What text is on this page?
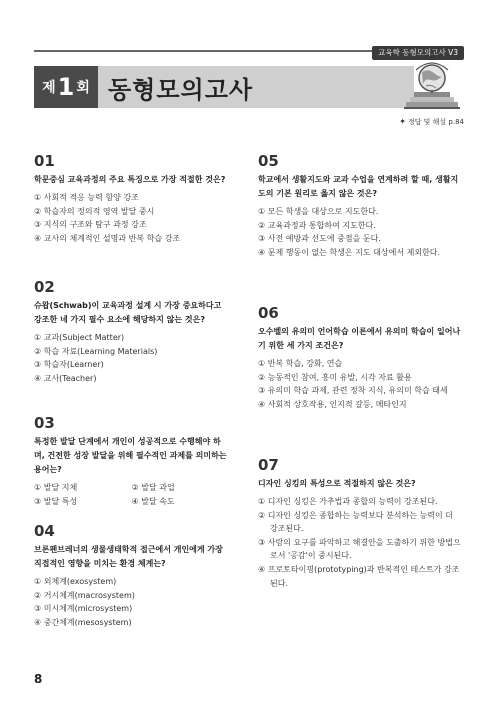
교육학 동형모의고사 V3
제 1 회 동형모의고사
✦ 정답 및 해설 p.84
01
학문중심 교육과정의 주요 특징으로 가장 적절한 것은?
① 사회적 적응 능력 함양 강조
② 학습자의 정의적 영역 발달 중시
③ 지식의 구조와 탐구 과정 강조
④ 교사의 체계적인 설명과 반복 학습 강조
02
슈왑(Schwab)이 교육과정 설계 시 가장 중요하다고 강조한 네 가지 필수 요소에 해당하지 않는 것은?
① 교과(Subject Matter)
② 학습 자료(Learning Materials)
③ 학습자(Learner)
④ 교사(Teacher)
03
특정한 발달 단계에서 개인이 성공적으로 수행해야 하며, 건전한 성장 발달을 위해 필수적인 과제를 의미하는 용어는?
① 발달 지체	② 발달 과업
③ 발달 특성	④ 발달 속도
04
브론펜브레너의 생물생태학적 접근에서 개인에게 가장 직접적인 영향을 미치는 환경 체계는?
① 외체계(exosystem)
② 거시체계(macrosystem)
③ 미시체계(microsystem)
④ 중간체계(mesosystem)
05
학교에서 생활지도와 교과 수업을 연계하려 할 때, 생활지도의 기본 원리로 옳지 않은 것은?
① 모든 학생을 대상으로 지도한다.
② 교육과정과 통합하여 지도한다.
③ 사전 예방과 선도에 중점을 둔다.
④ 문제 행동이 없는 학생은 지도 대상에서 제외한다.
06
오수벨의 유의미 언어학습 이론에서 유의미 학습이 일어나기 위한 세 가지 조건은?
① 반복 학습, 강화, 연습
② 능동적인 참여, 흥미 유발, 시각 자료 활용
③ 유의미 학습 과제, 관련 정착 지식, 유의미 학습 태세
④ 사회적 상호작용, 인지적 갈등, 메타인지
07
디자인 싱킹의 특성으로 적절하지 않은 것은?
① 디자인 싱킹은 가추법과 종합의 능력이 강조된다.
② 디자인 싱킹은 종합하는 능력보다 분석하는 능력이 더 강조된다.
③ 사람의 요구를 파악하고 해결안을 도출하기 위한 방법으로서 '공감'이 중시된다.
④ 프로토타이핑(prototyping)과 반복적인 테스트가 강조된다.
8
